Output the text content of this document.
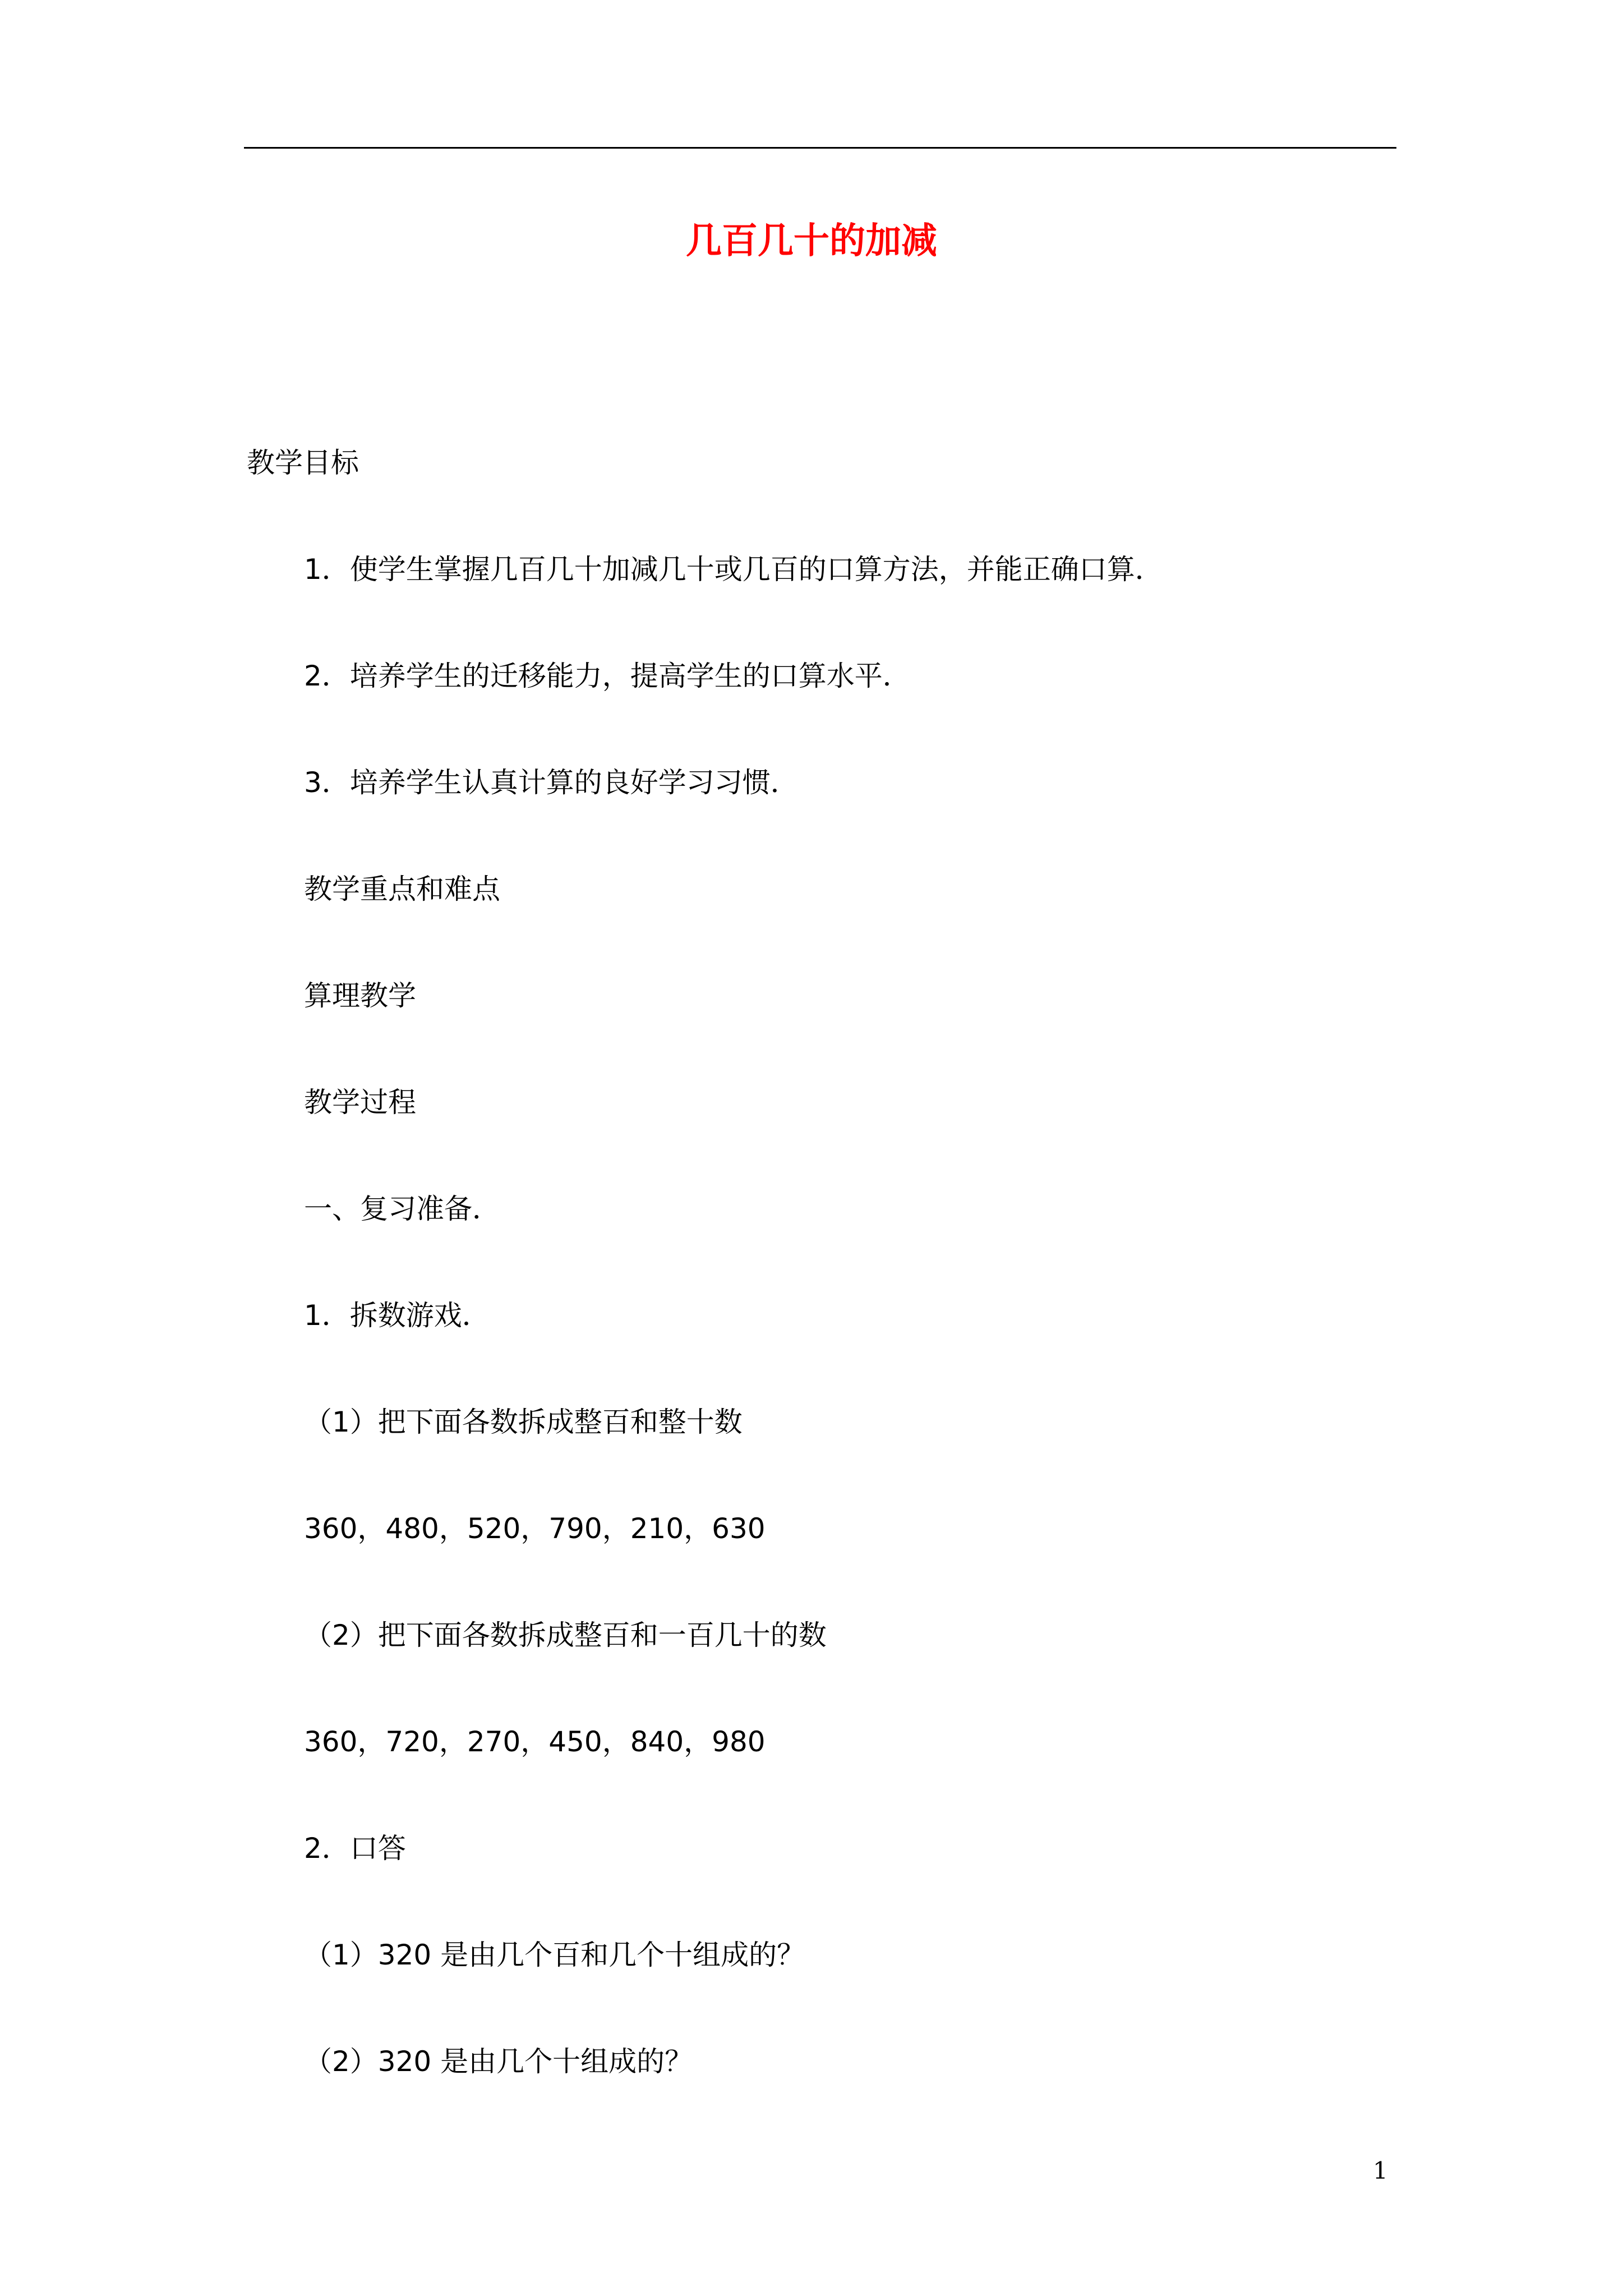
几百几十的加减
教学目标
1．使学生掌握几百几十加减几十或几百的口算方法，并能正确口算．
2．培养学生的迁移能力，提高学生的口算水平．
3．培养学生认真计算的良好学习习惯．
教学重点和难点
算理教学
教学过程
一、复习准备．
1．拆数游戏．
（1）把下面各数拆成整百和整十数
360，480，520，790，210，630
（2）把下面各数拆成整百和一百几十的数
360，720，270，450，840，980
2．口答
（1）320 是由几个百和几个十组成的？
（2）320 是由几个十组成的？
1
